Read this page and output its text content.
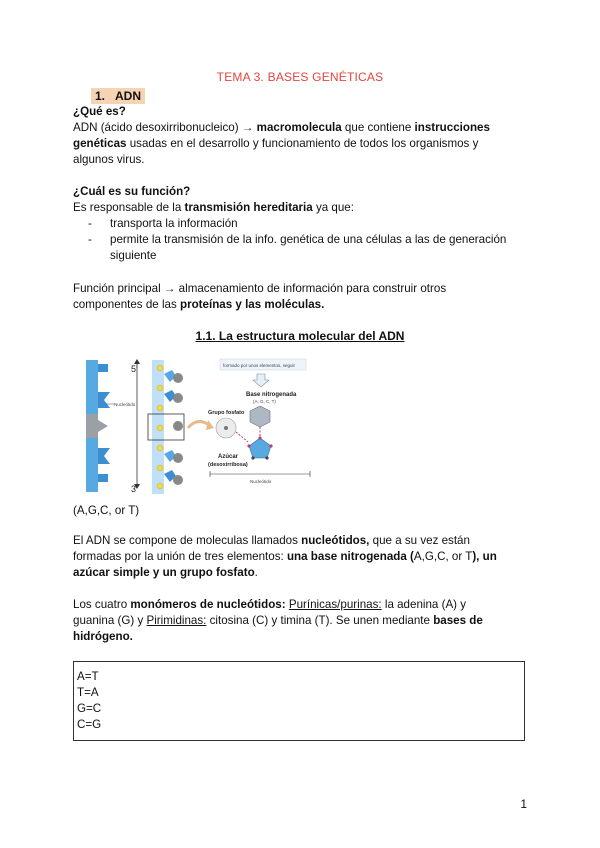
TEMA 3. BASES GENÉTICAS
1. ADN
¿Qué es?
ADN (ácido desoxirribonucleico) → macromolecula que contiene instrucciones
genéticas usadas en el desarrollo y funcionamiento de todos los organismos y
algunos virus.
¿Cuál es su función?
Es responsable de la transmisión hereditaria ya que:
- transporta la información
- permite la transmisión de la info. genética de una células a las de generación
siguiente
Función principal → almacenamiento de información para construir otros
componentes de las proteínas y las moléculas.
1.1. La estructura molecular del ADN
Nucleótido
5'
3'
formado por unos elementos, seguir
Base nitrogenada
(A, G, C, T)
Grupo fosfato
Azúcar
(desoxirribosa)
Nucleótido
(A,G,C, or T)
El ADN se compone de moleculas llamados nucleótidos, que a su vez están
formadas por la unión de tres elementos: una base nitrogenada (A,G,C, or T), un
azúcar simple y un grupo fosfato.
Los cuatro monómeros de nucleótidos: Purínicas/purinas: la adenina (A) y
guanina (G) y Pirimidinas: citosina (C) y timina (T). Se unen mediante bases de
hidrógeno.
A=T
T=A
G=C
C=G
1
